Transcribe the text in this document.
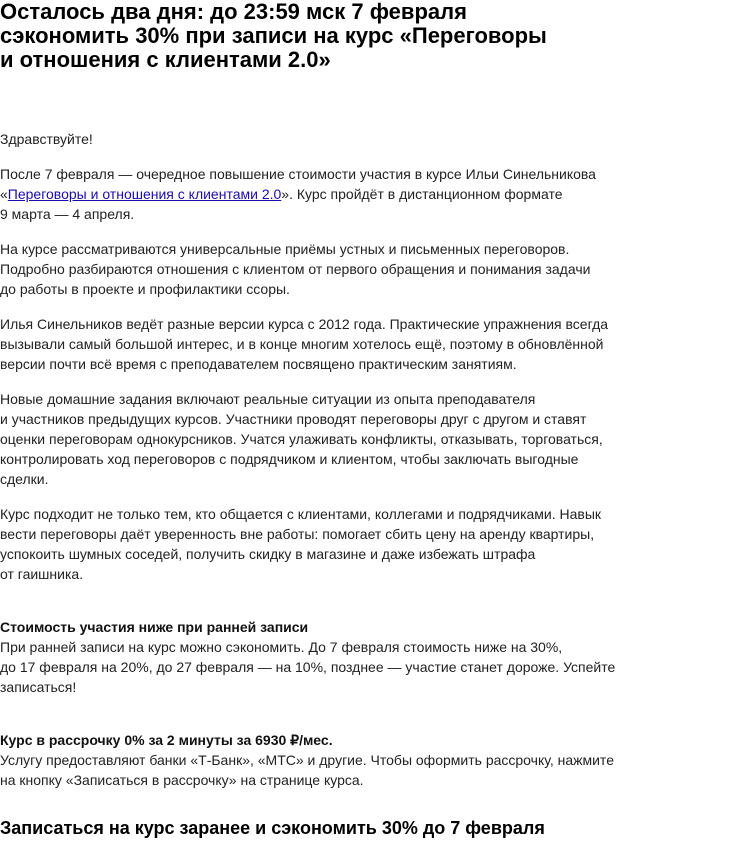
Осталось два дня: до 23:59 мск 7 февраля
сэкономить 30% при записи на курс «Переговоры
и отношения с клиентами 2.0»

Здравствуйте!

После 7 февраля — очередное повышение стоимости участия в курсе Ильи Синельникова
«Переговоры и отношения с клиентами 2.0». Курс пройдёт в дистанционном формате
9 марта — 4 апреля.

На курсе рассматриваются универсальные приёмы устных и письменных переговоров.
Подробно разбираются отношения с клиентом от первого обращения и понимания задачи
до работы в проекте и профилактики ссоры.

Илья Синельников ведёт разные версии курса с 2012 года. Практические упражнения всегда
вызывали самый большой интерес, и в конце многим хотелось ещё, поэтому в обновлённой
версии почти всё время с преподавателем посвящено практическим занятиям.

Новые домашние задания включают реальные ситуации из опыта преподавателя
и участников предыдущих курсов. Участники проводят переговоры друг с другом и ставят
оценки переговорам однокурсников. Учатся улаживать конфликты, отказывать, торговаться,
контролировать ход переговоров с подрядчиком и клиентом, чтобы заключать выгодные
сделки.

Курс подходит не только тем, кто общается с клиентами, коллегами и подрядчиками. Навык
вести переговоры даёт уверенность вне работы: помогает сбить цену на аренду квартиры,
успокоить шумных соседей, получить скидку в магазине и даже избежать штрафа
от гаишника.

Стоимость участия ниже при ранней записи
При ранней записи на курс можно сэкономить. До 7 февраля стоимость ниже на 30%,
до 17 февраля на 20%, до 27 февраля — на 10%, позднее — участие станет дороже. Успейте
записаться!

Курс в рассрочку 0% за 2 минуты за 6930 ₽/мес.
Услугу предоставляют банки «Т-Банк», «МТС» и другие. Чтобы оформить рассрочку, нажмите
на кнопку «Записаться в рассрочку» на странице курса.

Записаться на курс заранее и сэкономить 30% до 7 февраля
